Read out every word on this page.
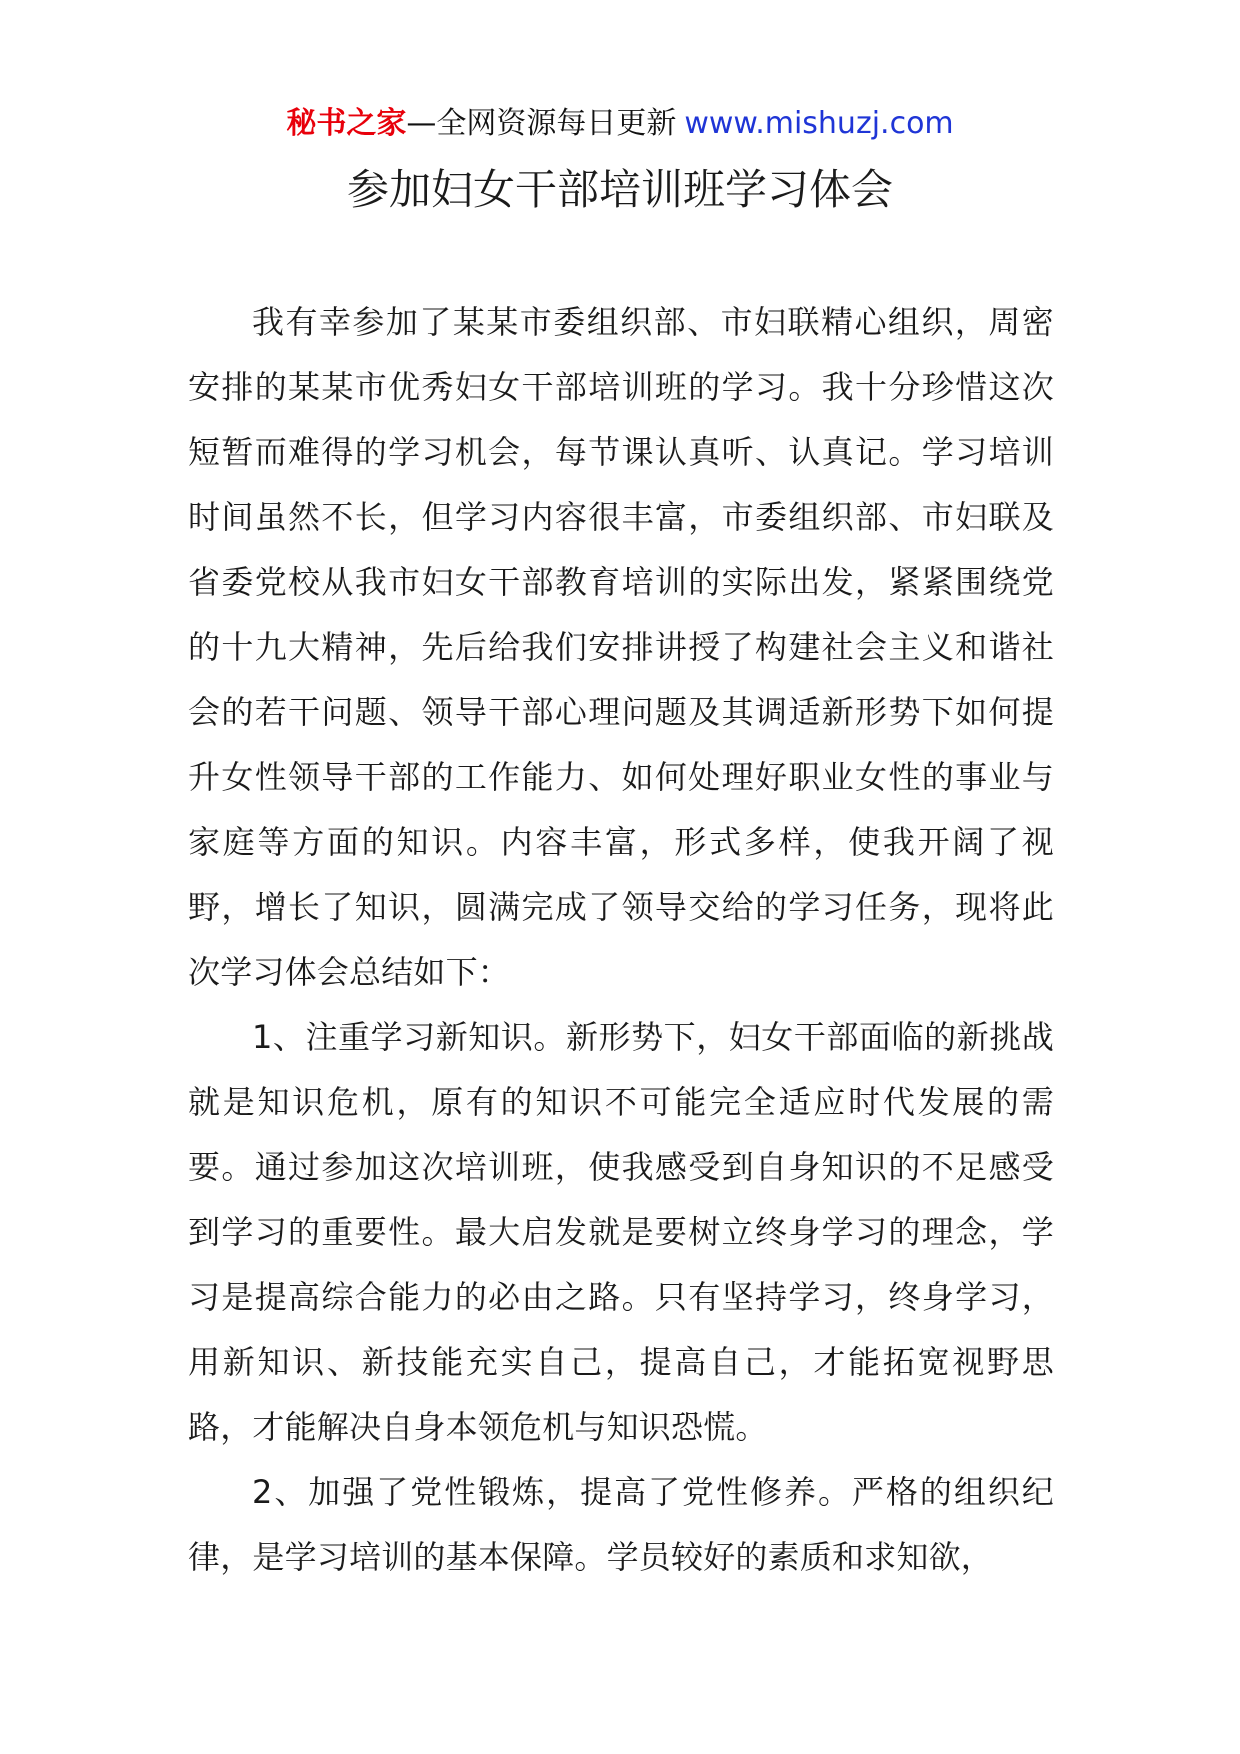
秘书之家—全网资源每日更新 www.mishuzj.com
参加妇女干部培训班学习体会

我有幸参加了某某市委组织部、市妇联精心组织，周密安排的某某市优秀妇女干部培训班的学习。我十分珍惜这次短暂而难得的学习机会，每节课认真听、认真记。学习培训时间虽然不长，但学习内容很丰富，市委组织部、市妇联及省委党校从我市妇女干部教育培训的实际出发，紧紧围绕党的十九大精神，先后给我们安排讲授了构建社会主义和谐社会的若干问题、领导干部心理问题及其调适新形势下如何提升女性领导干部的工作能力、如何处理好职业女性的事业与家庭等方面的知识。内容丰富，形式多样，使我开阔了视野，增长了知识，圆满完成了领导交给的学习任务，现将此次学习体会总结如下：

1、注重学习新知识。新形势下，妇女干部面临的新挑战就是知识危机，原有的知识不可能完全适应时代发展的需要。通过参加这次培训班，使我感受到自身知识的不足感受到学习的重要性。最大启发就是要树立终身学习的理念，学习是提高综合能力的必由之路。只有坚持学习，终身学习，用新知识、新技能充实自己，提高自己，才能拓宽视野思路，才能解决自身本领危机与知识恐慌。

2、加强了党性锻炼，提高了党性修养。严格的组织纪律，是学习培训的基本保障。学员较好的素质和求知欲，
